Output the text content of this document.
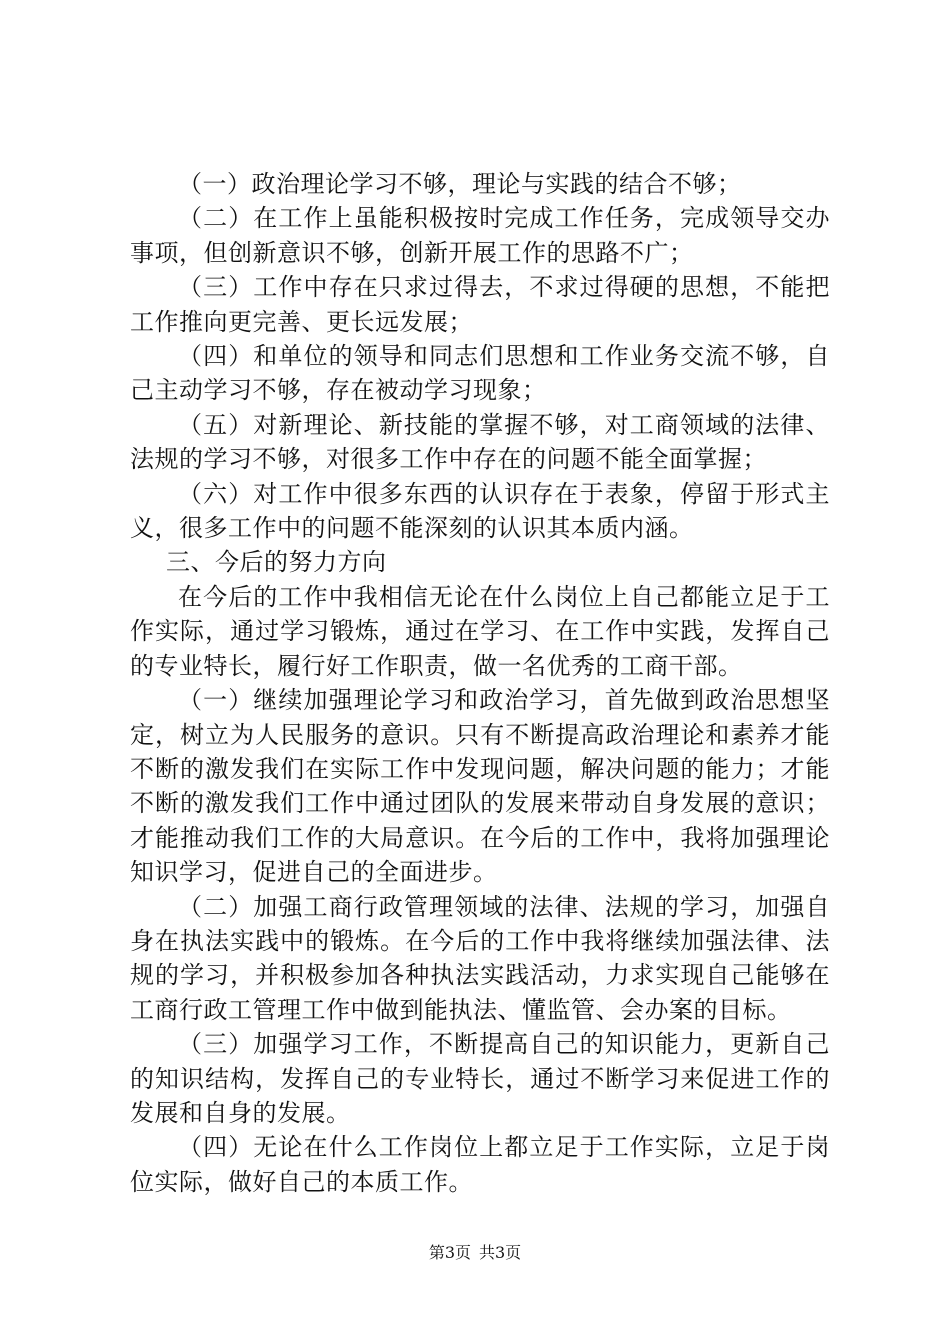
（一）政治理论学习不够，理论与实践的结合不够；

（二）在工作上虽能积极按时完成工作任务，完成领导交办事项，但创新意识不够，创新开展工作的思路不广；

（三）工作中存在只求过得去，不求过得硬的思想，不能把工作推向更完善、更长远发展；

（四）和单位的领导和同志们思想和工作业务交流不够，自己主动学习不够，存在被动学习现象；

（五）对新理论、新技能的掌握不够，对工商领域的法律、法规的学习不够，对很多工作中存在的问题不能全面掌握；

（六）对工作中很多东西的认识存在于表象，停留于形式主义，很多工作中的问题不能深刻的认识其本质内涵。

三、今后的努力方向

在今后的工作中我相信无论在什么岗位上自己都能立足于工作实际，通过学习锻炼，通过在学习、在工作中实践，发挥自己的专业特长，履行好工作职责，做一名优秀的工商干部。

（一）继续加强理论学习和政治学习，首先做到政治思想坚定，树立为人民服务的意识。只有不断提高政治理论和素养才能不断的激发我们在实际工作中发现问题，解决问题的能力；才能不断的激发我们工作中通过团队的发展来带动自身发展的意识；才能推动我们工作的大局意识。在今后的工作中，我将加强理论知识学习，促进自己的全面进步。

（二）加强工商行政管理领域的法律、法规的学习，加强自身在执法实践中的锻炼。在今后的工作中我将继续加强法律、法规的学习，并积极参加各种执法实践活动，力求实现自己能够在工商行政工管理工作中做到能执法、懂监管、会办案的目标。

（三）加强学习工作，不断提高自己的知识能力，更新自己的知识结构，发挥自己的专业特长，通过不断学习来促进工作的发展和自身的发展。

（四）无论在什么工作岗位上都立足于工作实际，立足于岗位实际，做好自己的本质工作。

第3页 共3页
